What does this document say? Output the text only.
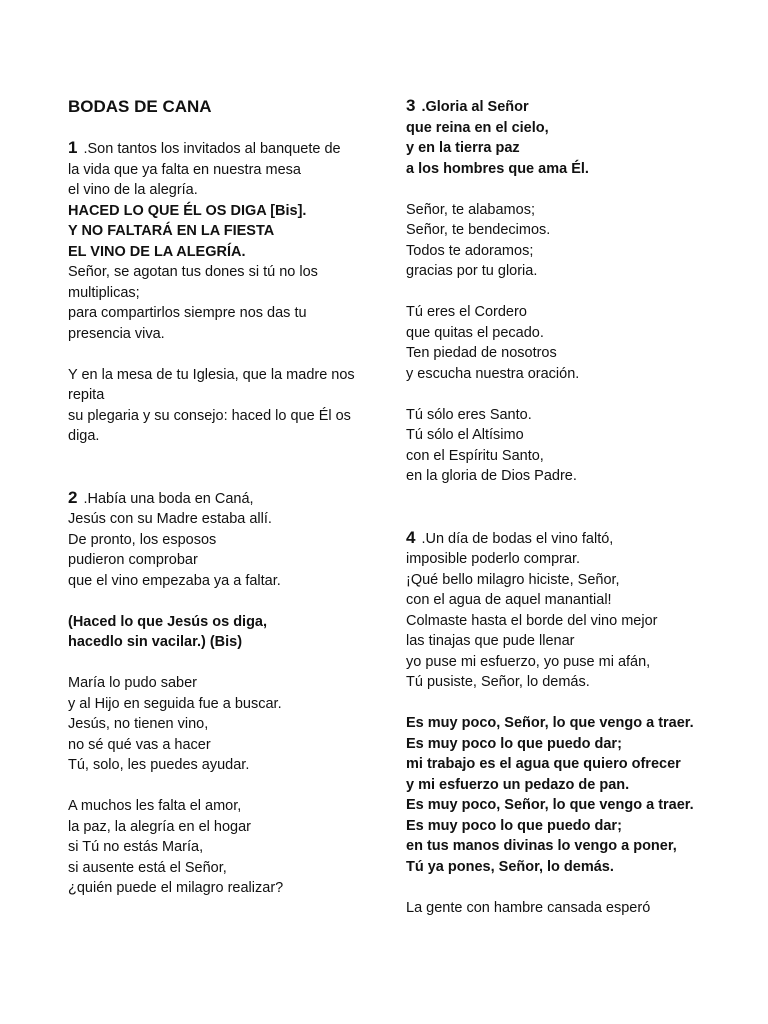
BODAS DE CANA
1 .Son tantos los invitados al banquete de
la vida que ya falta en nuestra mesa
el vino de la alegría.
HACED LO QUE ÉL OS DIGA [Bis].
Y NO FALTARÁ EN LA FIESTA
EL VINO DE LA ALEGRÍA.
Señor, se agotan tus dones si tú no los
multiplicas;
para compartirlos siempre nos das tu
presencia viva.
Y en la mesa de tu Iglesia, que la madre nos
repita
su plegaria y su consejo: haced lo que Él os
diga.
2 .Había una boda en Caná,
Jesús con su Madre estaba allí.
De pronto, los esposos
pudieron comprobar
que el vino empezaba ya a faltar.
(Haced lo que Jesús os diga,
hacedlo sin vacilar.) (Bis)
María lo pudo saber
y al Hijo en seguida fue a buscar.
Jesús, no tienen vino,
no sé qué vas a hacer
Tú, solo, les puedes ayudar.
A muchos les falta el amor,
la paz, la alegría en el hogar
si Tú no estás María,
si ausente está el Señor,
¿quién puede el milagro realizar?
3 .Gloria al Señor
que reina en el cielo,
y en la tierra paz
a los hombres que ama Él.
Señor, te alabamos;
Señor, te bendecimos.
Todos te adoramos;
gracias por tu gloria.
Tú eres el Cordero
que quitas el pecado.
Ten piedad de nosotros
y escucha nuestra oración.
Tú sólo eres Santo.
Tú sólo el Altísimo
con el Espíritu Santo,
en la gloria de Dios Padre.
4 .Un día de bodas el vino faltó,
imposible poderlo comprar.
¡Qué bello milagro hiciste, Señor,
con el agua de aquel manantial!
Colmaste hasta el borde del vino mejor
las tinajas que pude llenar
yo puse mi esfuerzo, yo puse mi afán,
Tú pusiste, Señor, lo demás.
Es muy poco, Señor, lo que vengo a traer.
Es muy poco lo que puedo dar;
mi trabajo es el agua que quiero ofrecer
y mi esfuerzo un pedazo de pan.
Es muy poco, Señor, lo que vengo a traer.
Es muy poco lo que puedo dar;
en tus manos divinas lo vengo a poner,
Tú ya pones, Señor, lo demás.
La gente con hambre cansada esperó
